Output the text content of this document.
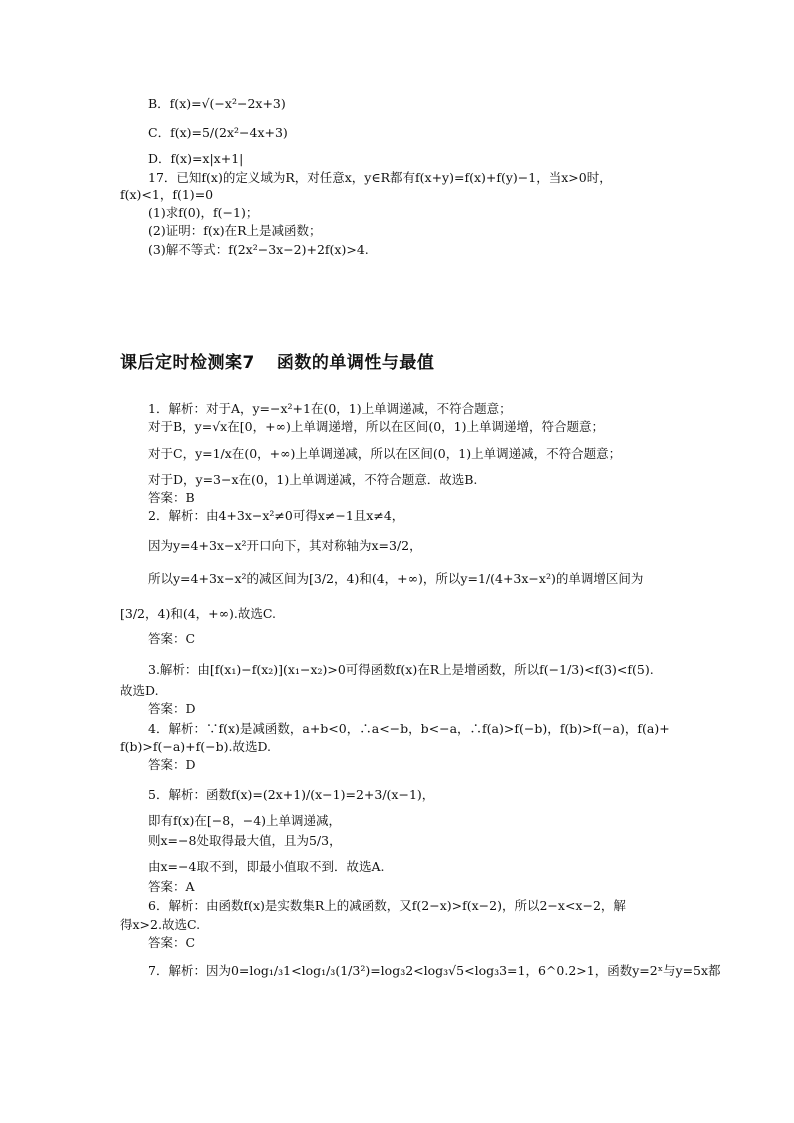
B．f(x)=√(−x²−2x+3)
C．f(x)=5/(2x²−4x+3)
D．f(x)=x|x+1|
17．已知f(x)的定义域为R，对任意x，y∈R都有f(x+y)=f(x)+f(y)−1，当x>0时，
f(x)<1，f(1)=0
(1)求f(0)，f(−1)；
(2)证明：f(x)在R上是减函数；
(3)解不等式：f(2x²−3x−2)+2f(x)>4.
课后定时检测案7 函数的单调性与最值
1．解析：对于A，y=−x²+1在(0，1)上单调递减，不符合题意；
对于B，y=√x在[0，+∞)上单调递增，所以在区间(0，1)上单调递增，符合题意；
对于C，y=1/x在(0，+∞)上单调递减，所以在区间(0，1)上单调递减，不符合题意；
对于D，y=3−x在(0，1)上单调递减，不符合题意．故选B.
答案：B
2．解析：由4+3x−x²≠0可得x≠−1且x≠4，
因为y=4+3x−x²开口向下，其对称轴为x=3/2，
所以y=4+3x−x²的减区间为[3/2，4)和(4，+∞)，所以y=1/(4+3x−x²)的单调增区间为
[3/2，4)和(4，+∞).故选C.
答案：C
3.解析：由[f(x₁)−f(x₂)](x₁−x₂)>0可得函数f(x)在R上是增函数，所以f(−1/3)<f(3)<f(5).
故选D.
答案：D
4．解析：∵f(x)是减函数，a+b<0，∴a<−b，b<−a，∴f(a)>f(−b)，f(b)>f(−a)，f(a)+
f(b)>f(−a)+f(−b).故选D.
答案：D
5．解析：函数f(x)=(2x+1)/(x−1)=2+3/(x−1)，
即有f(x)在[−8，−4)上单调递减，
则x=−8处取得最大值，且为5/3，
由x=−4取不到，即最小值取不到．故选A.
答案：A
6．解析：由函数f(x)是实数集R上的减函数，又f(2−x)>f(x−2)，所以2−x<x−2，解
得x>2.故选C.
答案：C
7．解析：因为0=log₁/₃1<log₁/₃(1/3²)=log₃2<log₃√5<log₃3=1，6^0.2>1，函数y=2ˣ与y=5x都
